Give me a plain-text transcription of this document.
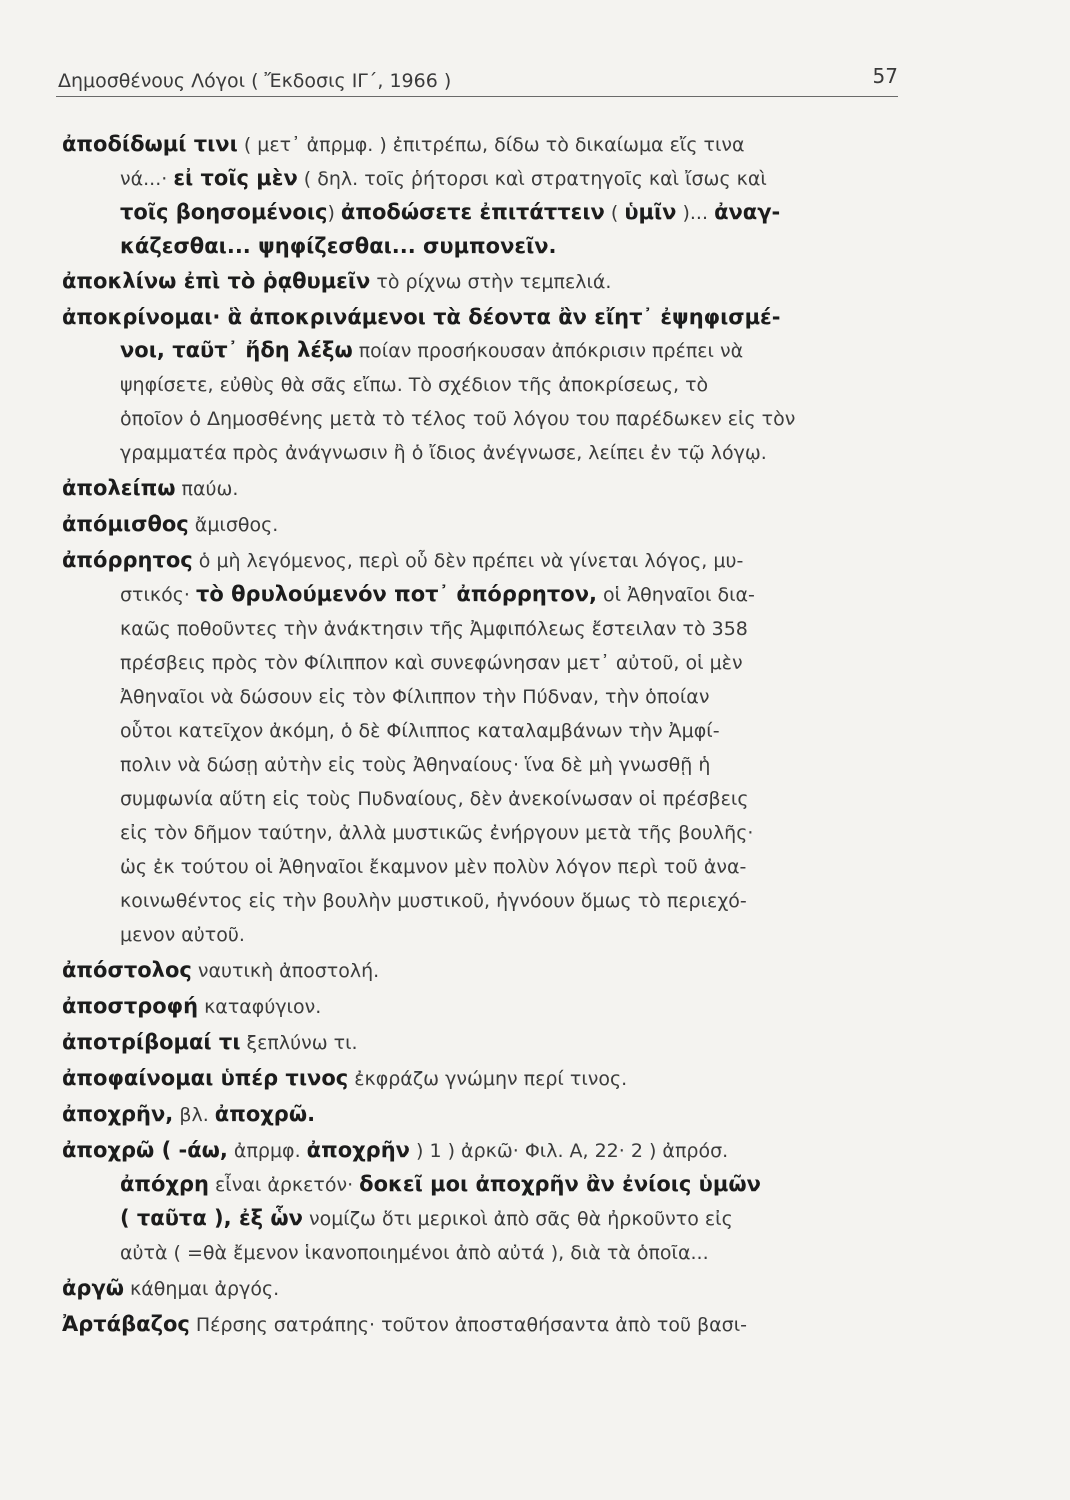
Δημοσθένους Λόγοι ( Ἔκδοσις ΙΓ΄, 1966 )	57
ἀποδίδωμί τινι ( μετ᾽ ἀπρμφ. ) ἐπιτρέπω, δίδω τὸ δικαίωμα εἴς τινα
νά...· εἰ τοῖς μὲν ( δηλ. τοῖς ῥήτορσι καὶ στρατηγοῖς καὶ ἴσως καὶ
τοῖς βοησομένοις) ἀποδώσετε ἐπιτάττειν ( ὑμῖν )... ἀναγ-
κάζεσθαι... ψηφίζεσθαι... συμπονεῖν.
ἀποκλίνω ἐπὶ τὸ ῥᾳθυμεῖν τὸ ρίχνω στὴν τεμπελιά.
ἀποκρίνομαι· ἃ ἀποκρινάμενοι τὰ δέοντα ἂν εἴητ᾽ ἐψηφισμέ-
νοι, ταῦτ᾽ ἤδη λέξω ποίαν προσήκουσαν ἀπόκρισιν πρέπει νὰ
ψηφίσετε, εὐθὺς θὰ σᾶς εἴπω. Τὸ σχέδιον τῆς ἀποκρίσεως, τὸ
ὁποῖον ὁ Δημοσθένης μετὰ τὸ τέλος τοῦ λόγου του παρέδωκεν εἰς τὸν
γραμματέα πρὸς ἀνάγνωσιν ἢ ὁ ἴδιος ἀνέγνωσε, λείπει ἐν τῷ λόγῳ.
ἀπολείπω παύω.
ἀπόμισθος ἄμισθος.
ἀπόρρητος ὁ μὴ λεγόμενος, περὶ οὗ δὲν πρέπει νὰ γίνεται λόγος, μυ-
στικός· τὸ θρυλούμενόν ποτ᾽ ἀπόρρητον, οἱ Ἀθηναῖοι δια-
καῶς ποθοῦντες τὴν ἀνάκτησιν τῆς Ἀμφιπόλεως ἔστειλαν τὸ 358
πρέσβεις πρὸς τὸν Φίλιππον καὶ συνεφώνησαν μετ᾽ αὐτοῦ, οἱ μὲν
Ἀθηναῖοι νὰ δώσουν εἰς τὸν Φίλιππον τὴν Πύδναν, τὴν ὁποίαν
οὗτοι κατεῖχον ἀκόμη, ὁ δὲ Φίλιππος καταλαμβάνων τὴν Ἀμφί-
πολιν νὰ δώσῃ αὐτὴν εἰς τοὺς Ἀθηναίους· ἵνα δὲ μὴ γνωσθῇ ἡ
συμφωνία αὕτη εἰς τοὺς Πυδναίους, δὲν ἀνεκοίνωσαν οἱ πρέσβεις
εἰς τὸν δῆμον ταύτην, ἀλλὰ μυστικῶς ἐνήργουν μετὰ τῆς βουλῆς·
ὡς ἐκ τούτου οἱ Ἀθηναῖοι ἔκαμνον μὲν πολὺν λόγον περὶ τοῦ ἀνα-
κοινωθέντος εἰς τὴν βουλὴν μυστικοῦ, ἠγνόουν ὅμως τὸ περιεχό-
μενον αὐτοῦ.
ἀπόστολος ναυτικὴ ἀποστολή.
ἀποστροφή καταφύγιον.
ἀποτρίβομαί τι ξεπλύνω τι.
ἀποφαίνομαι ὑπέρ τινος ἐκφράζω γνώμην περί τινος.
ἀποχρῆν, βλ. ἀποχρῶ.
ἀποχρῶ ( -άω, ἀπρμφ. ἀποχρῆν ) 1 ) ἀρκῶ· Φιλ. Α, 22· 2 ) ἀπρόσ.
ἀπόχρη εἶναι ἀρκετόν· δοκεῖ μοι ἀποχρῆν ἂν ἐνίοις ὑμῶν
( ταῦτα ), ἐξ ὧν νομίζω ὅτι μερικοὶ ἀπὸ σᾶς θὰ ἠρκοῦντο εἰς
αὐτὰ ( =θὰ ἔμενον ἱκανοποιημένοι ἀπὸ αὐτά ), διὰ τὰ ὁποῖα...
ἀργῶ κάθημαι ἀργός.
Ἀρτάβαζος Πέρσης σατράπης· τοῦτον ἀποσταθήσαντα ἀπὸ τοῦ βασι-
